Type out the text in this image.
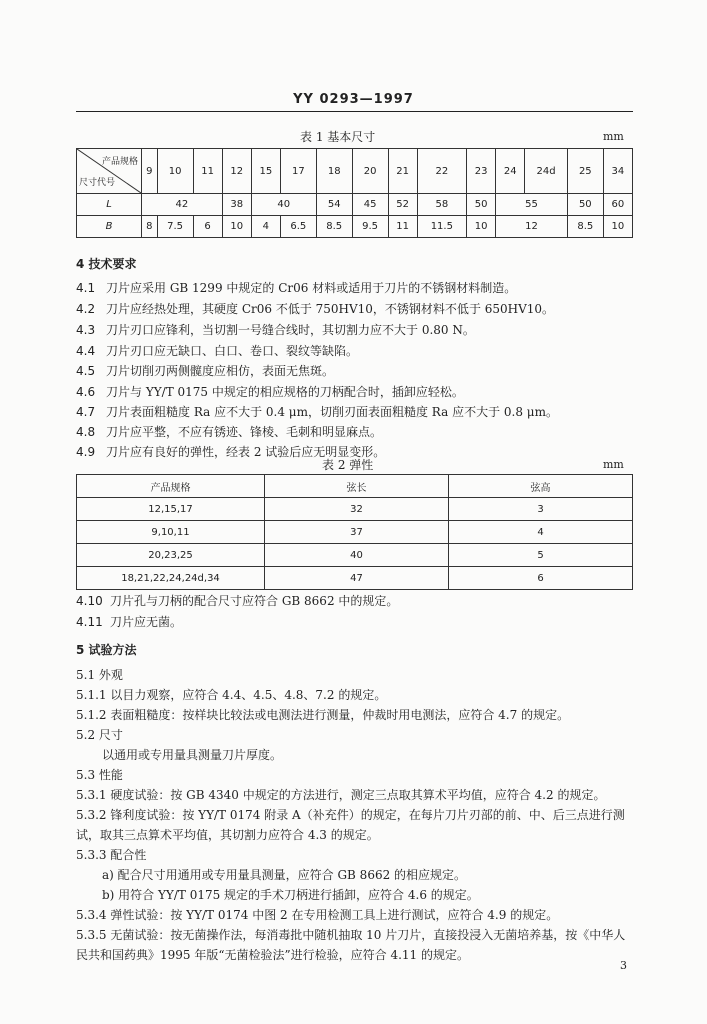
YY 0293—1997
表 1 基本尺寸	mm
产品规格
尺寸代号	9	10	11	12	15	17	18	20	21	22	23	24	24d	25	34
L	42			38	40		54	45	52	58	50	55		50	60
B	8	7.5	6	10	4	6.5	8.5	9.5	11	11.5	10	12		8.5	10
4 技术要求
4.1 刀片应采用 GB 1299 中规定的 Cr06 材料或适用于刀片的不锈钢材料制造。
4.2 刀片应经热处理，其硬度 Cr06 不低于 750HV10，不锈钢材料不低于 650HV10。
4.3 刀片刃口应锋利，当切割一号缝合线时，其切割力应不大于 0.80 N。
4.4 刀片刃口应无缺口、白口、卷口、裂纹等缺陷。
4.5 刀片切削刃两侧髋度应相仿，表面无焦斑。
4.6 刀片与 YY/T 0175 中规定的相应规格的刀柄配合时，插卸应轻松。
4.7 刀片表面粗糙度 Ra 应不大于 0.4 μm，切削刃面表面粗糙度 Ra 应不大于 0.8 μm。
4.8 刀片应平整，不应有锈迹、锋棱、毛刺和明显麻点。
4.9 刀片应有良好的弹性，经表 2 试验后应无明显变形。
表 2 弹性	mm
产品规格	弦长	弦高
12,15,17	32	3
9,10,11	37	4
20,23,25	40	5
18,21,22,24,24d,34	47	6
4.10 刀片孔与刀柄的配合尺寸应符合 GB 8662 中的规定。
4.11 刀片应无菌。
5 试验方法
5.1 外观
5.1.1 以目力观察，应符合 4.4、4.5、4.8、7.2 的规定。
5.1.2 表面粗糙度：按样块比较法或电测法进行测量，仲裁时用电测法，应符合 4.7 的规定。
5.2 尺寸
以通用或专用量具测量刀片厚度。
5.3 性能
5.3.1 硬度试验：按 GB 4340 中规定的方法进行，测定三点取其算术平均值，应符合 4.2 的规定。
5.3.2 锋利度试验：按 YY/T 0174 附录 A（补充件）的规定，在每片刀片刃部的前、中、后三点进行测
试，取其三点算术平均值，其切割力应符合 4.3 的规定。
5.3.3 配合性
a) 配合尺寸用通用或专用量具测量，应符合 GB 8662 的相应规定。
b) 用符合 YY/T 0175 规定的手术刀柄进行插卸，应符合 4.6 的规定。
5.3.4 弹性试验：按 YY/T 0174 中图 2 在专用检测工具上进行测试，应符合 4.9 的规定。
5.3.5 无菌试验：按无菌操作法，每消毒批中随机抽取 10 片刀片，直接投浸入无菌培养基，按《中华人
民共和国药典》1995 年版“无菌检验法”进行检验，应符合 4.11 的规定。
3
